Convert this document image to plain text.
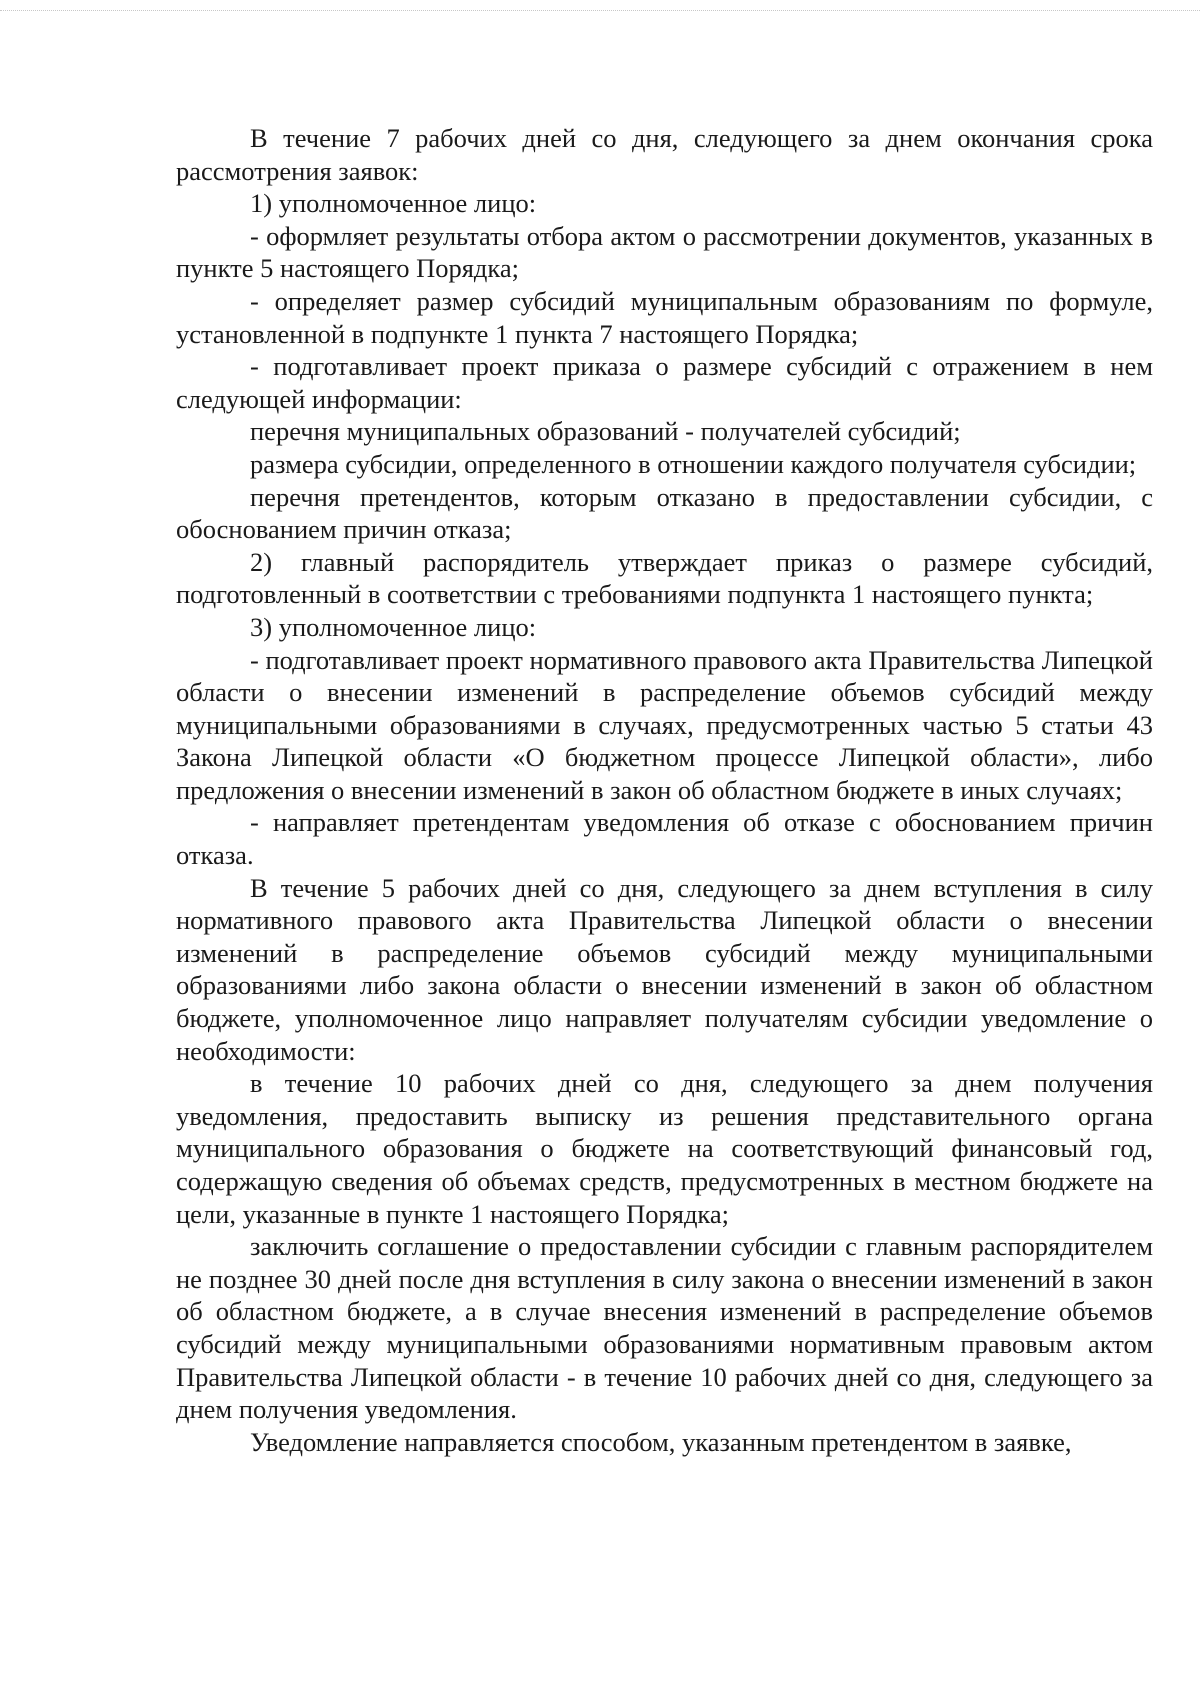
В течение 7 рабочих дней со дня, следующего за днем окончания срока рассмотрения заявок:

1) уполномоченное лицо:

- оформляет результаты отбора актом о рассмотрении документов, указанных в пункте 5 настоящего Порядка;

- определяет размер субсидий муниципальным образованиям по формуле, установленной в подпункте 1 пункта 7 настоящего Порядка;

- подготавливает проект приказа о размере субсидий с отражением в нем следующей информации:

перечня муниципальных образований - получателей субсидий;

размера субсидии, определенного в отношении каждого получателя субсидии;

перечня претендентов, которым отказано в предоставлении субсидии, с обоснованием причин отказа;

2) главный распорядитель утверждает приказ о размере субсидий, подготовленный в соответствии с требованиями подпункта 1 настоящего пункта;

3) уполномоченное лицо:

- подготавливает проект нормативного правового акта Правительства Липецкой области о внесении изменений в распределение объемов субсидий между муниципальными образованиями в случаях, предусмотренных частью 5 статьи 43 Закона Липецкой области «О бюджетном процессе Липецкой области», либо предложения о внесении изменений в закон об областном бюджете в иных случаях;

- направляет претендентам уведомления об отказе с обоснованием причин отказа.

В течение 5 рабочих дней со дня, следующего за днем вступления в силу нормативного правового акта Правительства Липецкой области о внесении изменений в распределение объемов субсидий между муниципальными образованиями либо закона области о внесении изменений в закон об областном бюджете, уполномоченное лицо направляет получателям субсидии уведомление о необходимости:

в течение 10 рабочих дней со дня, следующего за днем получения уведомления, предоставить выписку из решения представительного органа муниципального образования о бюджете на соответствующий финансовый год, содержащую сведения об объемах средств, предусмотренных в местном бюджете на цели, указанные в пункте 1 настоящего Порядка;

заключить соглашение о предоставлении субсидии с главным распорядителем не позднее 30 дней после дня вступления в силу закона о внесении изменений в закон об областном бюджете, а в случае внесения изменений в распределение объемов субсидий между муниципальными образованиями нормативным правовым актом Правительства Липецкой области - в течение 10 рабочих дней со дня, следующего за днем получения уведомления.

Уведомление направляется способом, указанным претендентом в заявке,
